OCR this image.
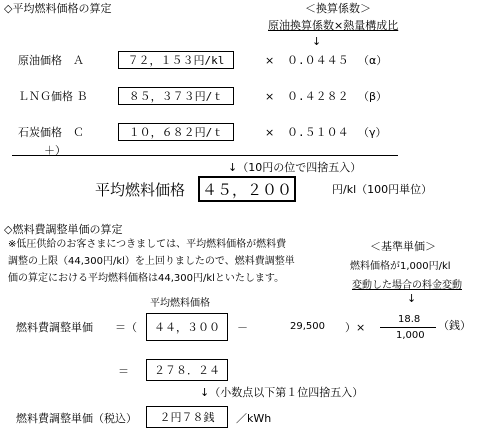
◇平均燃料価格の算定	＜換算係数＞
原油換算係数×熱量構成比
↓
原油価格　Ａ	７２，１５３円/kl	× ０.０４４５ （α）
ＬＮＧ価格 Ｂ	８５，３７３円/ｔ	× ０.４２８２ （β）
石炭価格　Ｃ	１０，６８２円/ｔ	× ０.５１０４ （γ）
＋）
↓（10円の位で四捨五入）
平均燃料価格 ４５，２００	円/kl（100円単位）
◇燃料費調整単価の算定
※低圧供給のお客さまにつきましては、平均燃料価格が燃料費
調整の上限（44,300円/kl）を上回りましたので、燃料費調整単
価の算定における平均燃料価格は44,300円/klといたします。
＜基準単価＞
燃料価格が1,000円/kl
変動した場合の料金変動
↓
平均燃料価格
燃料費調整単価 ＝（ ４４，３００ －	29,500 ）×
18.8
1,000
（銭）
＝ ２７８．２４
↓（小数点以下第１位四捨五入）
燃料費調整単価（税込） ２円７８銭 ／kWh
